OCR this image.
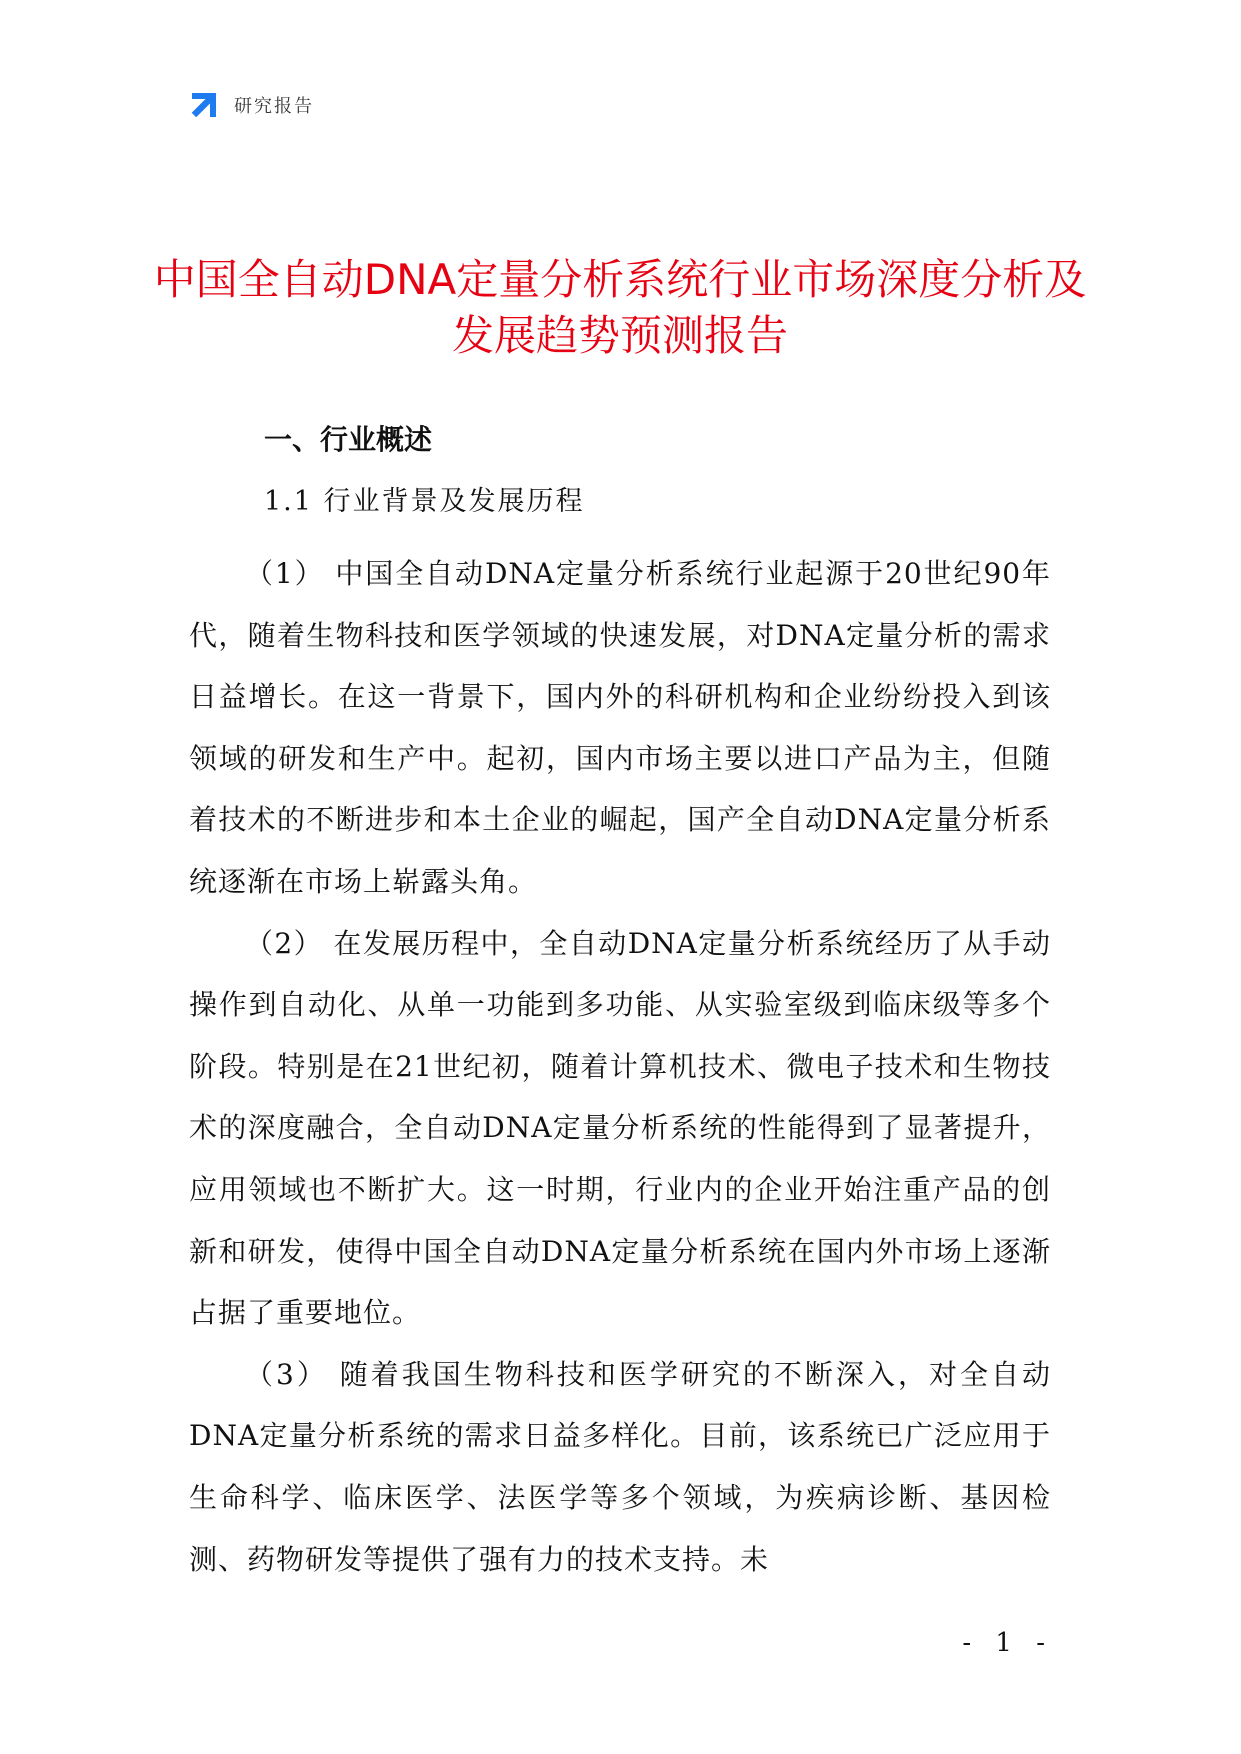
研究报告
中国全自动DNA定量分析系统行业市场深度分析及发展趋势预测报告
一、行业概述
1.1 行业背景及发展历程

（1） 中国全自动DNA定量分析系统行业起源于20世纪90年代，随着生物科技和医学领域的快速发展，对DNA定量分析的需求日益增长。在这一背景下，国内外的科研机构和企业纷纷投入到该领域的研发和生产中。起初，国内市场主要以进口产品为主，但随着技术的不断进步和本土企业的崛起，国产全自动DNA定量分析系统逐渐在市场上崭露头角。

（2） 在发展历程中，全自动DNA定量分析系统经历了从手动操作到自动化、从单一功能到多功能、从实验室级到临床级等多个阶段。特别是在21世纪初，随着计算机技术、微电子技术和生物技术的深度融合，全自动DNA定量分析系统的性能得到了显著提升，应用领域也不断扩大。这一时期，行业内的企业开始注重产品的创新和研发，使得中国全自动DNA定量分析系统在国内外市场上逐渐占据了重要地位。

（3） 随着我国生物科技和医学研究的不断深入，对全自动DNA定量分析系统的需求日益多样化。目前，该系统已广泛应用于生命科学、临床医学、法医学等多个领域，为疾病诊断、基因检测、药物研发等提供了强有力的技术支持。未

- 1 -
